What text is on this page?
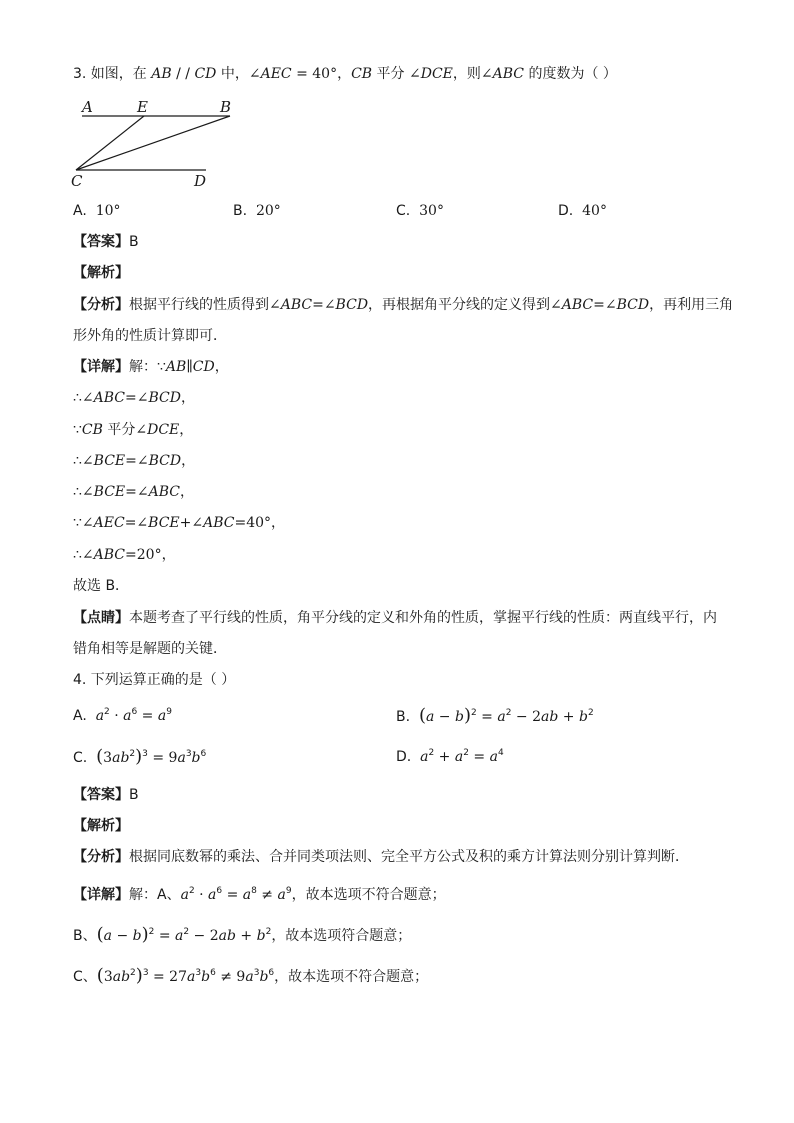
3. 如图，在 AB / / CD 中，∠AEC = 40°，CB 平分 ∠DCE，则∠ABC 的度数为（ ）
A	E	B
C	D
A. 10°	B. 20°	C. 30°	D. 40°
【答案】B
【解析】
【分析】根据平行线的性质得到∠ABC=∠BCD，再根据角平分线的定义得到∠ABC=∠BCD，再利用三角
形外角的性质计算即可．
【详解】解：∵AB∥CD，
∴∠ABC=∠BCD，
∵CB 平分∠DCE，
∴∠BCE=∠BCD，
∴∠BCE=∠ABC，
∵∠AEC=∠BCE+∠ABC=40°，
∴∠ABC=20°，
故选 B．
【点睛】本题考查了平行线的性质，角平分线的定义和外角的性质，掌握平行线的性质：两直线平行，内
错角相等是解题的关键．
4. 下列运算正确的是（ ）
A. $a^2 \cdot a^6 = a^9$	B. $(a - b)^2 = a^2 - 2ab + b^2$
C. $(3ab^2)^3 = 9a^3b^6$	D. $a^2 + a^2 = a^4$
【答案】B
【解析】
【分析】根据同底数幂的乘法、合并同类项法则、完全平方公式及积的乘方计算法则分别计算判断．
【详解】解：A、$a^2 \cdot a^6 = a^8 \ne a^9$，故本选项不符合题意；
B、$(a - b)^2 = a^2 - 2ab + b^2$，故本选项符合题意；
C、$(3ab^2)^3 = 27a^3b^6 \ne 9a^3b^6$，故本选项不符合题意；
